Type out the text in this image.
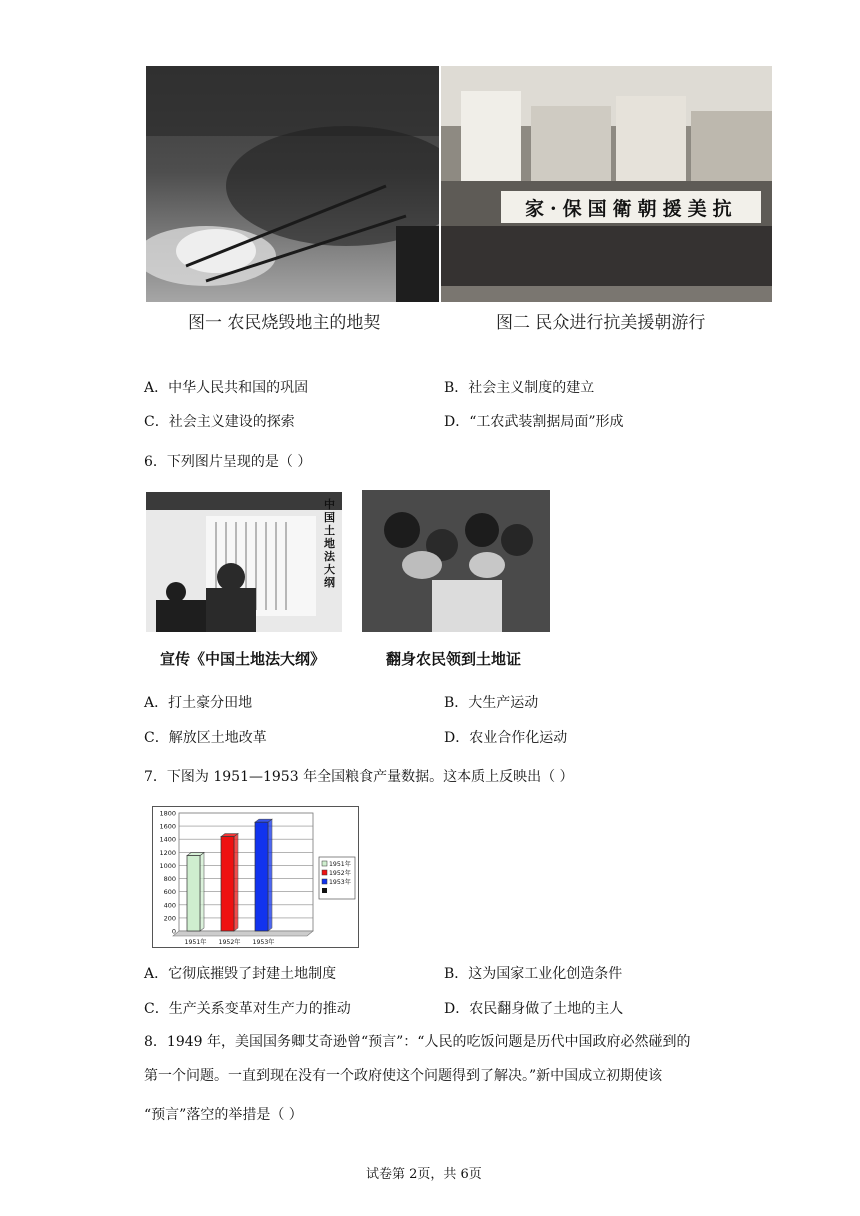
家·保国衛朝援美抗
图一 农民烧毁地主的地契	图二 民众进行抗美援朝游行
A．中华人民共和国的巩固	B．社会主义制度的建立
C．社会主义建设的探索	D．“工农武装割据局面”形成
6．下列图片呈现的是（ ）
中国土地法大纲
宣传《中国土地法大纲》	翻身农民领到土地证
A．打土豪分田地	B．大生产运动
C．解放区土地改革	D．农业合作化运动
7．下图为 1951—1953 年全国粮食产量数据。这本质上反映出（ ）
0
200
400
600
800
1000
1200
1400
1600
1800
1951年 1952年 1953年
1951年
1952年
1953年
A．它彻底摧毁了封建土地制度	B．这为国家工业化创造条件
C．生产关系变革对生产力的推动	D．农民翻身做了土地的主人
8．1949 年，美国国务卿艾奇逊曾“预言”：“人民的吃饭问题是历代中国政府必然碰到的
第一个问题。一直到现在没有一个政府使这个问题得到了解决。”新中国成立初期使该
“预言”落空的举措是（ ）
试卷第 2页，共 6页
